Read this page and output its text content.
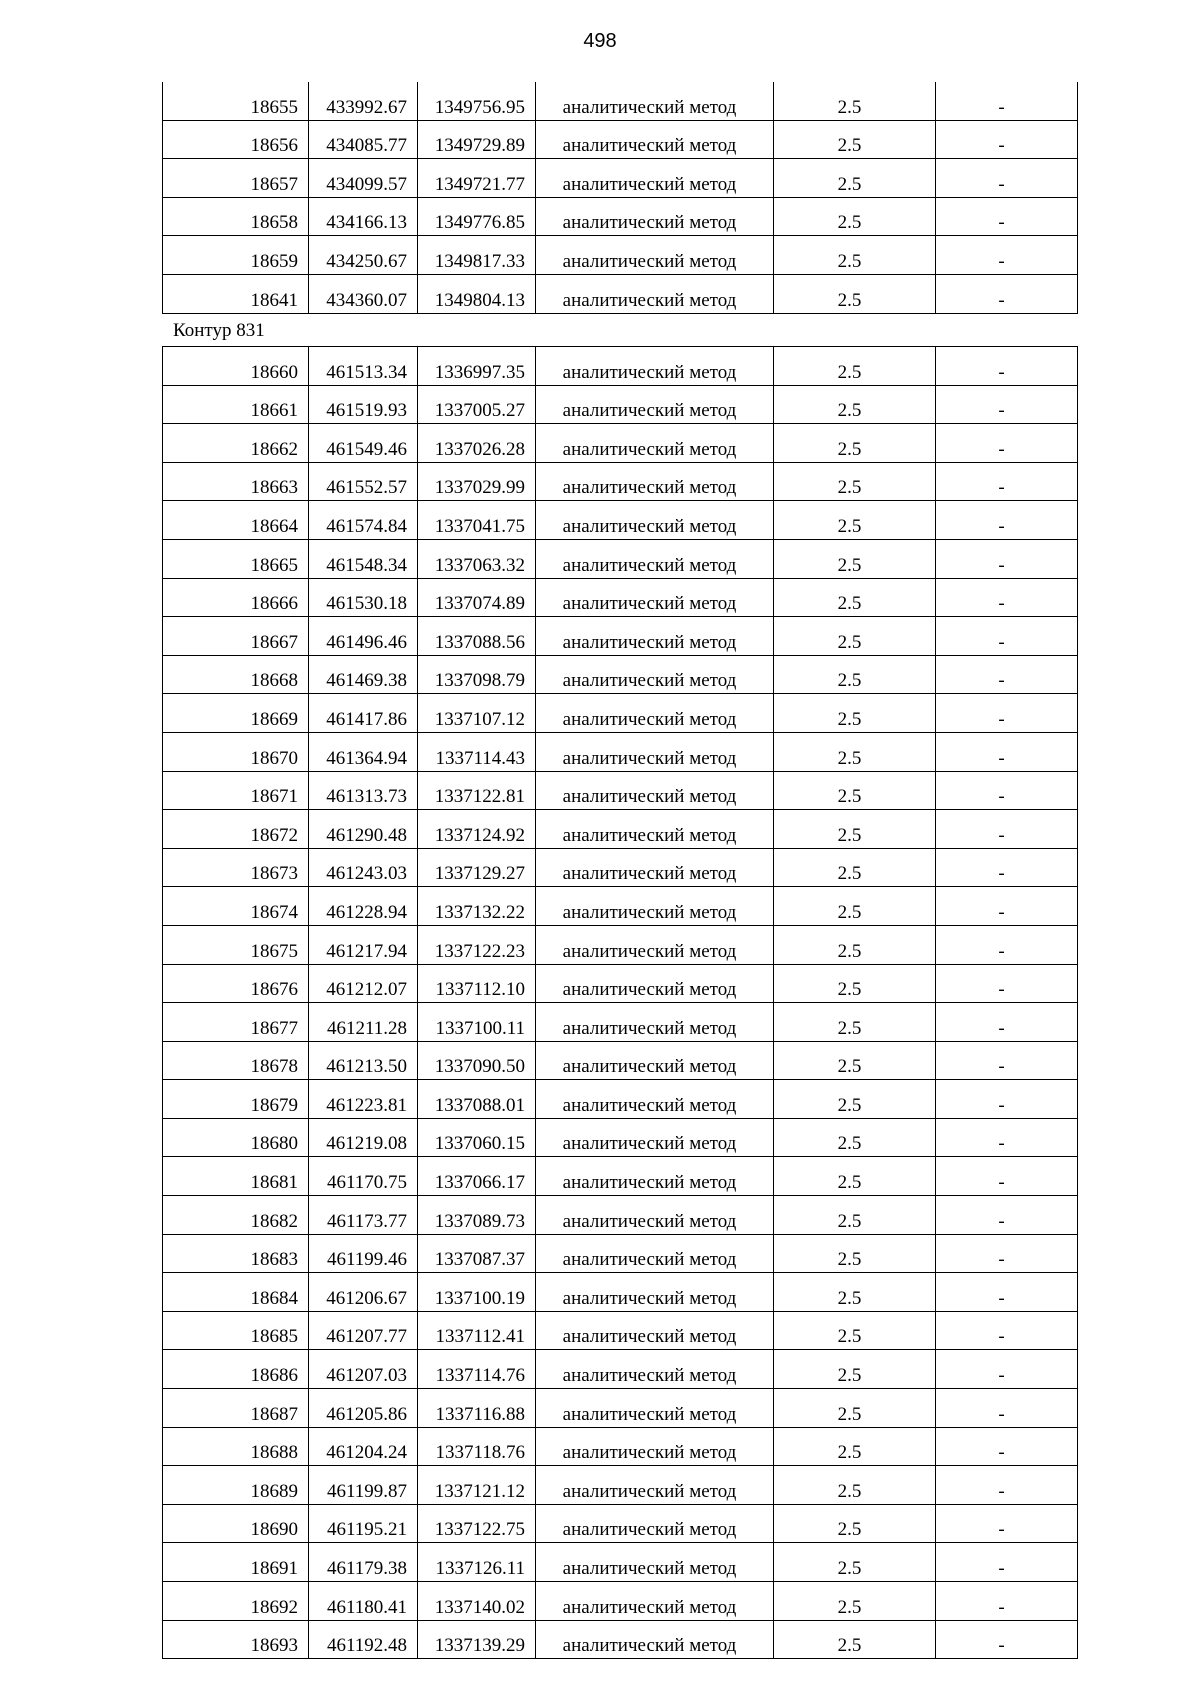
498
18655	433992.67	1349756.95	аналитический метод	2.5	-
18656	434085.77	1349729.89	аналитический метод	2.5	-
18657	434099.57	1349721.77	аналитический метод	2.5	-
18658	434166.13	1349776.85	аналитический метод	2.5	-
18659	434250.67	1349817.33	аналитический метод	2.5	-
18641	434360.07	1349804.13	аналитический метод	2.5	-
Контур 831
18660	461513.34	1336997.35	аналитический метод	2.5	-
18661	461519.93	1337005.27	аналитический метод	2.5	-
18662	461549.46	1337026.28	аналитический метод	2.5	-
18663	461552.57	1337029.99	аналитический метод	2.5	-
18664	461574.84	1337041.75	аналитический метод	2.5	-
18665	461548.34	1337063.32	аналитический метод	2.5	-
18666	461530.18	1337074.89	аналитический метод	2.5	-
18667	461496.46	1337088.56	аналитический метод	2.5	-
18668	461469.38	1337098.79	аналитический метод	2.5	-
18669	461417.86	1337107.12	аналитический метод	2.5	-
18670	461364.94	1337114.43	аналитический метод	2.5	-
18671	461313.73	1337122.81	аналитический метод	2.5	-
18672	461290.48	1337124.92	аналитический метод	2.5	-
18673	461243.03	1337129.27	аналитический метод	2.5	-
18674	461228.94	1337132.22	аналитический метод	2.5	-
18675	461217.94	1337122.23	аналитический метод	2.5	-
18676	461212.07	1337112.10	аналитический метод	2.5	-
18677	461211.28	1337100.11	аналитический метод	2.5	-
18678	461213.50	1337090.50	аналитический метод	2.5	-
18679	461223.81	1337088.01	аналитический метод	2.5	-
18680	461219.08	1337060.15	аналитический метод	2.5	-
18681	461170.75	1337066.17	аналитический метод	2.5	-
18682	461173.77	1337089.73	аналитический метод	2.5	-
18683	461199.46	1337087.37	аналитический метод	2.5	-
18684	461206.67	1337100.19	аналитический метод	2.5	-
18685	461207.77	1337112.41	аналитический метод	2.5	-
18686	461207.03	1337114.76	аналитический метод	2.5	-
18687	461205.86	1337116.88	аналитический метод	2.5	-
18688	461204.24	1337118.76	аналитический метод	2.5	-
18689	461199.87	1337121.12	аналитический метод	2.5	-
18690	461195.21	1337122.75	аналитический метод	2.5	-
18691	461179.38	1337126.11	аналитический метод	2.5	-
18692	461180.41	1337140.02	аналитический метод	2.5	-
18693	461192.48	1337139.29	аналитический метод	2.5	-
